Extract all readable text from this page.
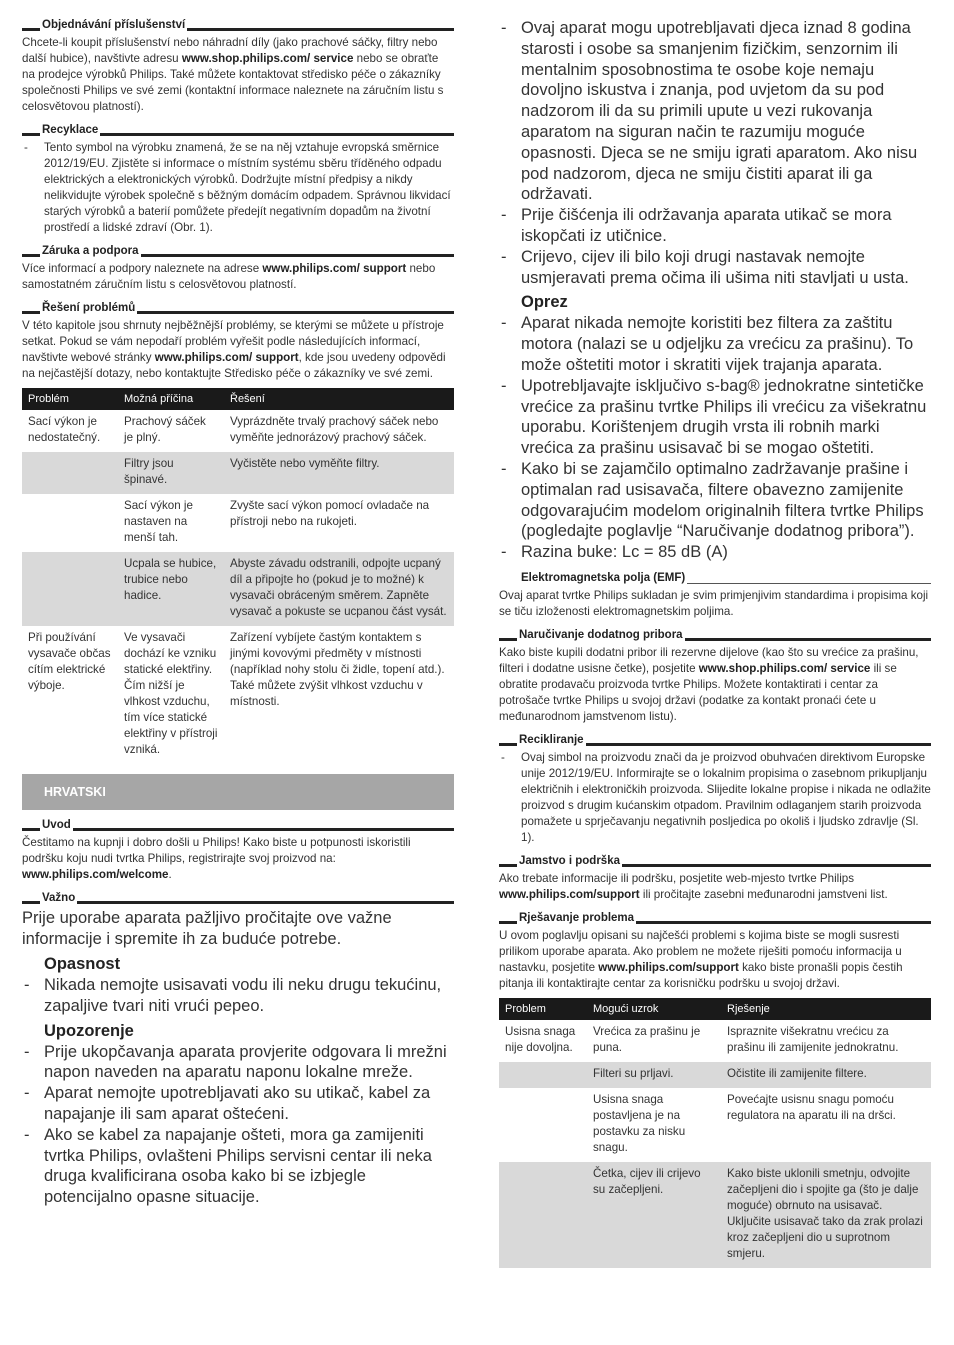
Objednávání příslušenství

Chcete-li koupit příslušenství nebo náhradní díly (jako prachové sáčky, filtry nebo další hubice), navštivte adresu www.shop.philips.com/ service nebo se obraťte na prodejce výrobků Philips. Také můžete kontaktovat středisko péče o zákazníky společnosti Philips ve své zemi (kontaktní informace naleznete na záručním listu s celosvětovou platností).

Recyklace
-	Tento symbol na výrobku znamená, že se na něj vztahuje evropská směrnice 2012/19/EU. Zjistěte si informace o místním systému sběru tříděného odpadu elektrických a elektronických výrobků. Dodržujte místní předpisy a nikdy nelikvidujte výrobek společně s běžným domácím odpadem. Správnou likvidací starých výrobků a baterií pomůžete předejít negativním dopadům na životní prostředí a lidské zdraví (Obr. 1).
Záruka a podpora

Více informací a podpory naleznete na adrese www.philips.com/ support nebo samostatném záručním listu s celosvětovou platností.

Řešení problémů

V této kapitole jsou shrnuty nejběžnější problémy, se kterými se můžete u přístroje setkat. Pokud se vám nepodaří problém vyřešit podle následujících informací, navštivte webové stránky www.philips.com/ support, kde jsou uvedeny odpovědi na nejčastější dotazy, nebo kontaktujte Středisko péče o zákazníky ve své zemi.

Problém	Možná příčina	Řešení
Sací výkon je nedostatečný.	Prachový sáček je plný.	Vyprázdněte trvalý prachový sáček nebo vyměňte jednorázový prachový sáček.
	Filtry jsou špinavé.	Vyčistěte nebo vyměňte filtry.
	Sací výkon je nastaven na menší tah.	Zvyšte sací výkon pomocí ovladače na přístroji nebo na rukojeti.
	Ucpala se hubice, trubice nebo hadice.	Abyste závadu odstranili, odpojte ucpaný díl a připojte ho (pokud je to možné) k vysavači obráceným směrem. Zapněte vysavač a pokuste se ucpanou část vysát.
Při používání vysavače občas cítím elektrické výboje.	Ve vysavači dochází ke vzniku statické elektřiny. Čím nižší je vlhkost vzduchu, tím více statické elektřiny v přístroji vzniká.	Zařízení vybíjete častým kontaktem s jinými kovovými předměty v místnosti (například nohy stolu či židle, topení atd.). Také můžete zvýšit vlhkost vzduchu v místnosti.
HRVATSKI
Uvod

Čestitamo na kupnji i dobro došli u Philips! Kako biste u potpunosti iskoristili podršku koju nudi tvrtka Philips, registrirajte svoj proizvod na: www.philips.com/welcome.

Važno

Prije uporabe aparata pažljivo pročitajte ove važne informacije i spremite ih za buduće potrebe.

Opasnost
- Nikada nemojte usisavati vodu ili neku drugu tekućinu, zapaljive tvari niti vrući pepeo.
Upozorenje
- Prije ukopčavanja aparata provjerite odgovara li mrežni napon naveden na aparatu naponu lokalne mreže.
- Aparat nemojte upotrebljavati ako su utikač, kabel za napajanje ili sam aparat oštećeni.
- Ako se kabel za napajanje ošteti, mora ga zamijeniti tvrtka Philips, ovlašteni Philips servisni centar ili neka druga kvalificirana osoba kako bi se izbjegle potencijalno opasne situacije.
- Ovaj aparat mogu upotrebljavati djeca iznad 8 godina starosti i osobe sa smanjenim fizičkim, senzornim ili mentalnim sposobnostima te osobe koje nemaju dovoljno iskustva i znanja, pod uvjetom da su pod nadzorom ili da su primili upute u vezi rukovanja aparatom na siguran način te razumiju moguće opasnosti. Djeca se ne smiju igrati aparatom. Ako nisu pod nadzorom, djeca ne smiju čistiti aparat ili ga održavati.
- Prije čišćenja ili održavanja aparata utikač se mora iskopčati iz utičnice.
- Crijevo, cijev ili bilo koji drugi nastavak nemojte usmjeravati prema očima ili ušima niti stavljati u usta.
Oprez
- Aparat nikada nemojte koristiti bez filtera za zaštitu motora (nalazi se u odjeljku za vrećicu za prašinu). To može oštetiti motor i skratiti vijek trajanja aparata.
- Upotrebljavajte isključivo s-bag® jednokratne sintetičke vrećice za prašinu tvrtke Philips ili vrećicu za višekratnu uporabu. Korištenjem drugih vrsta ili robnih marki vrećica za prašinu usisavač bi se mogao oštetiti.
- Kako bi se zajamčilo optimalno zadržavanje prašine i optimalan rad usisavača, filtere obavezno zamijenite odgovarajućim modelom originalnih filtera tvrtke Philips (pogledajte poglavlje “Naručivanje dodatnog pribora”).
- Razina buke: Lc = 85 dB (A)
Elektromagnetska polja (EMF)

Ovaj aparat tvrtke Philips sukladan je svim primjenjivim standardima i propisima koji se tiču izloženosti elektromagnetskim poljima.

Naručivanje dodatnog pribora

Kako biste kupili dodatni pribor ili rezervne dijelove (kao što su vrećice za prašinu, filteri i dodatne usisne četke), posjetite www.shop.philips.com/ service ili se obratite prodavaču proizvoda tvrtke Philips. Možete kontaktirati i centar za potrošače tvrtke Philips u svojoj državi (podatke za kontakt pronaći ćete u međunarodnom jamstvenom listu).

Recikliranje
-	Ovaj simbol na proizvodu znači da je proizvod obuhvaćen direktivom Europske unije 2012/19/EU. Informirajte se o lokalnim propisima o zasebnom prikupljanju električnih i elektroničkih proizvoda. Slijedite lokalne propise i nikada ne odlažite proizvod s drugim kućanskim otpadom. Pravilnim odlaganjem starih proizvoda pomažete u sprječavanju negativnih posljedica po okoliš i ljudsko zdravlje (Sl. 1).
Jamstvo i podrška

Ako trebate informacije ili podršku, posjetite web-mjesto tvrtke Philips www.philips.com/support ili pročitajte zasebni međunarodni jamstveni list.

Rješavanje problema

U ovom poglavlju opisani su najčešći problemi s kojima biste se mogli susresti prilikom uporabe aparata. Ako problem ne možete riješiti pomoću informacija u nastavku, posjetite www.philips.com/support kako biste pronašli popis čestih pitanja ili kontaktirajte centar za korisničku podršku u svojoj državi.

Problem	Mogući uzrok	Rješenje
Usisna snaga nije dovoljna.	Vrećica za prašinu je puna.	Ispraznite višekratnu vrećicu za prašinu ili zamijenite jednokratnu.
	Filteri su prljavi.	Očistite ili zamijenite filtere.
	Usisna snaga postavljena je na postavku za nisku snagu.	Povećajte usisnu snagu pomoću regulatora na aparatu ili na dršci.
	Četka, cijev ili crijevo su začepljeni.	Kako biste uklonili smetnju, odvojite začepljeni dio i spojite ga (što je dalje moguće) obrnuto na usisavač. Uključite usisavač tako da zrak prolazi kroz začepljeni dio u suprotnom smjeru.
